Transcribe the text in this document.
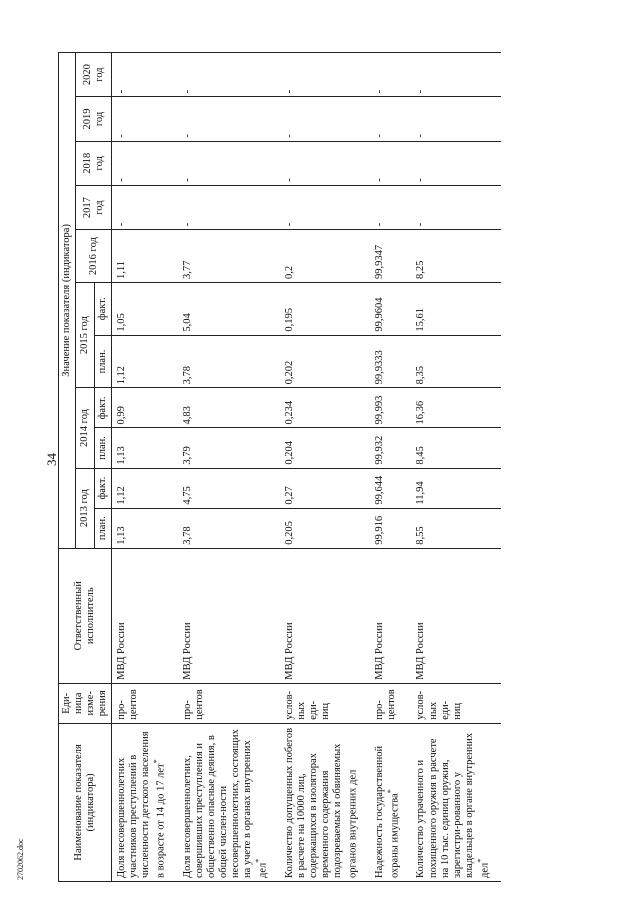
34
2702062.doc	Наименование показателя (индикатора)	Еди-ница изме-рения	Ответственный исполнитель	Значение показателя (индикатора)										
			2013 год		2014 год		2015 год		2016 год	2017 год	2018 год	2019 год	2020 год
			план.	факт.	план.	факт.	план.	факт.					
Доля несовершеннолетних участников преступлений в численности детского населения в возрасте от 14 до 17 лет*	про-центов	МВД России	1,13	1,12	1,13	0,99	1,12	1,05	1,11	-	-	-	-
Доля несовершеннолетних, совершивших преступления и общественно опасные деяния, в общей числен-ности несовершеннолетних, состоящих на учете в органах внутренних дел*	про-центов	МВД России	3,78	4,75	3,79	4,83	3,78	5,04	3,77	-	-	-	-
Количество допущенных побегов в расчете на 10000 лиц, содержащихся в изоляторах временного содержания подозреваемых и обвиняемых органов внутренних дел	услов-ных еди-ниц	МВД России	0,205	0,27	0,204	0,234	0,202	0,195	0,2	-	-	-	-
Надежность государственной охраны имущества*	про-центов	МВД России	99,916	99,644	99,932	99,993	99,9333	99,9604	99,9347	-	-	-	-
Количество утраченного и похищенного оружия в расчете на 10 тыс. единиц оружия, зарегистри-рованного у владельцев в органе внутренних дел*	услов-ных еди-ниц	МВД России	8,55	11,94	8,45	16,36	8,35	15,61	8,25	-	-	-	-
